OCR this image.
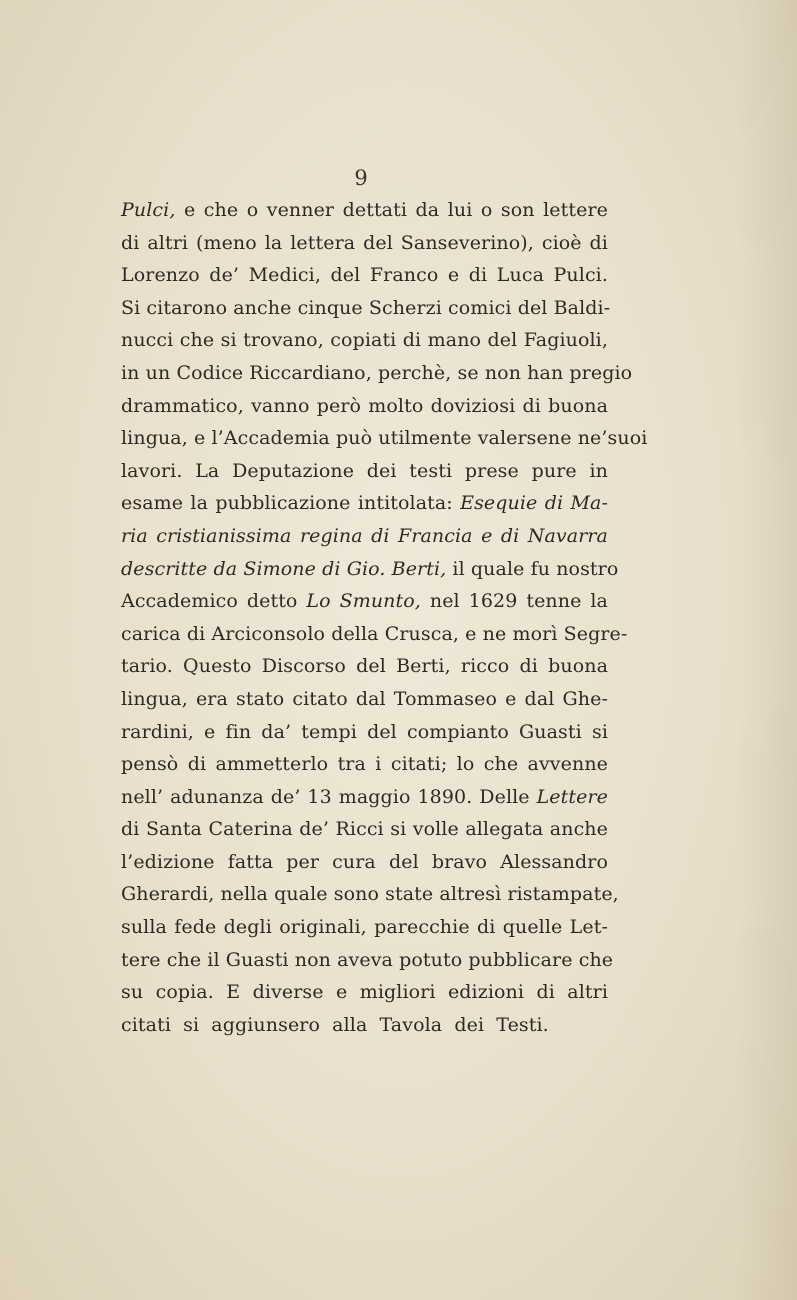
9
Pulci, e che o venner dettati da lui o son lettere
di altri (meno la lettera del Sanseverino), cioè di
Lorenzo de’ Medici, del Franco e di Luca Pulci.
Si citarono anche cinque Scherzi comici del Baldi-
nucci che si trovano, copiati di mano del Fagiuoli,
in un Codice Riccardiano, perchè, se non han pregio
drammatico, vanno però molto doviziosi di buona
lingua, e l’Accademia può utilmente valersene ne’suoi
lavori. La Deputazione dei testi prese pure in
esame la pubblicazione intitolata: Esequie di Ma-
ria cristianissima regina di Francia e di Navarra
descritte da Simone di Gio. Berti, il quale fu nostro
Accademico detto Lo Smunto, nel 1629 tenne la
carica di Arciconsolo della Crusca, e ne morì Segre-
tario. Questo Discorso del Berti, ricco di buona
lingua, era stato citato dal Tommaseo e dal Ghe-
rardini, e fin da’ tempi del compianto Guasti si
pensò di ammetterlo tra i citati; lo che avvenne
nell’ adunanza de’ 13 maggio 1890. Delle Lettere
di Santa Caterina de’ Ricci si volle allegata anche
l’edizione fatta per cura del bravo Alessandro
Gherardi, nella quale sono state altresì ristampate,
sulla fede degli originali, parecchie di quelle Let-
tere che il Guasti non aveva potuto pubblicare che
su copia. E diverse e migliori edizioni di altri
citati si aggiunsero alla Tavola dei Testi.
